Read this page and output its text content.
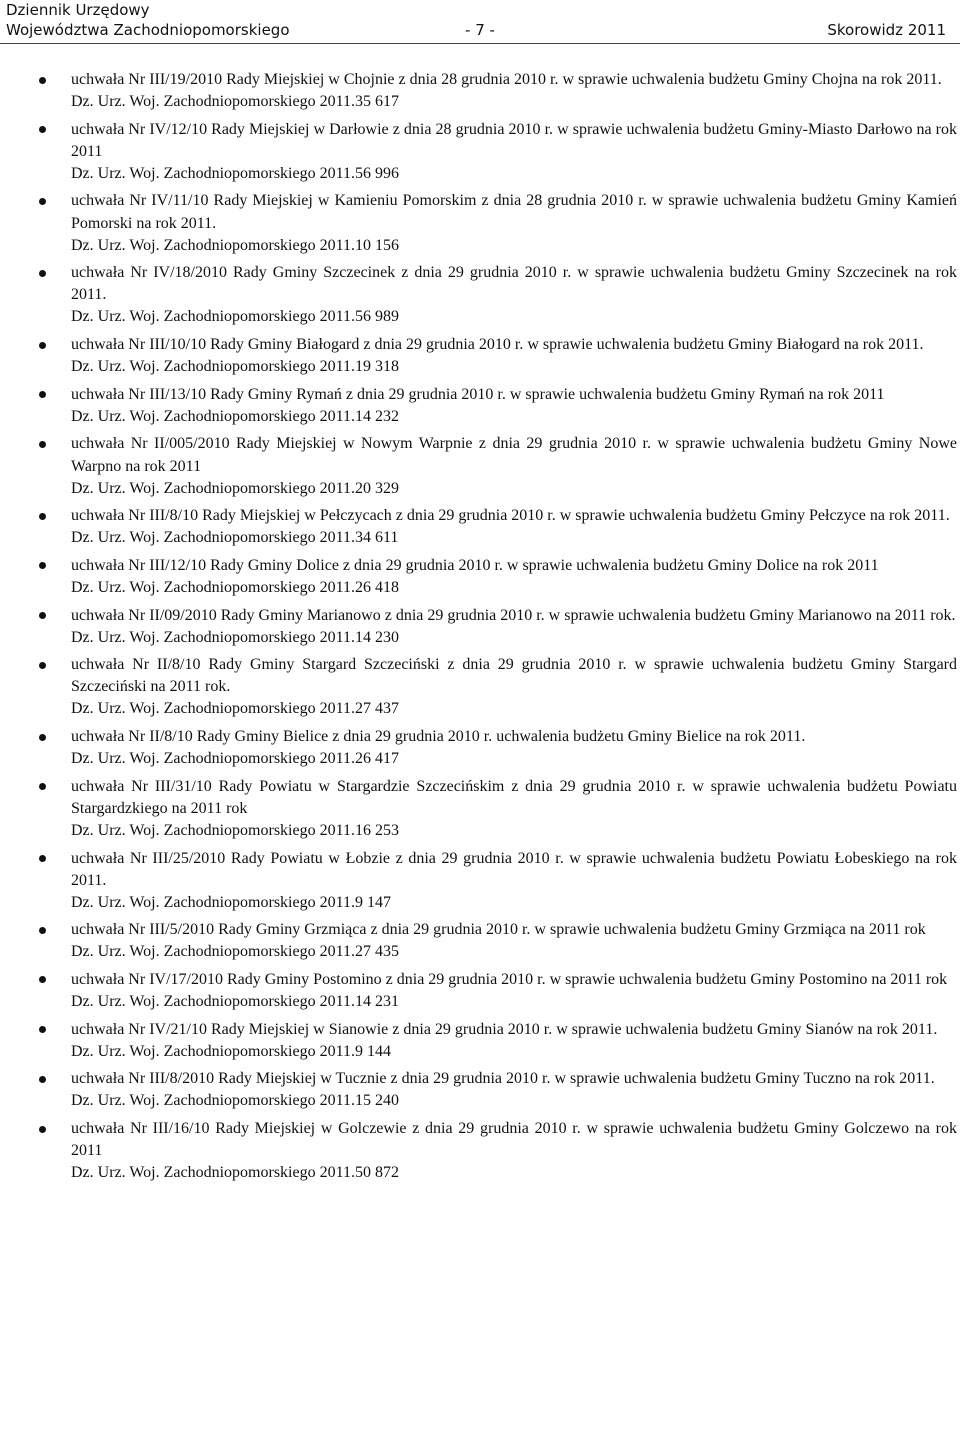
Dziennik Urzędowy
Województwa Zachodniopomorskiego	- 7 -	Skorowidz 2011
uchwała Nr III/19/2010 Rady Miejskiej w Chojnie z dnia 28 grudnia 2010 r. w sprawie uchwalenia budżetu Gminy Chojna na rok 2011.
Dz. Urz. Woj. Zachodniopomorskiego 2011.35 617
uchwała Nr IV/12/10 Rady Miejskiej w Darłowie z dnia 28 grudnia 2010 r. w sprawie uchwalenia budżetu Gminy-Miasto Darłowo na rok 2011
Dz. Urz. Woj. Zachodniopomorskiego 2011.56 996
uchwała Nr IV/11/10 Rady Miejskiej w Kamieniu Pomorskim z dnia 28 grudnia 2010 r. w sprawie uchwalenia budżetu Gminy Kamień Pomorski na rok 2011.
Dz. Urz. Woj. Zachodniopomorskiego 2011.10 156
uchwała Nr IV/18/2010 Rady Gminy Szczecinek z dnia 29 grudnia 2010 r. w sprawie uchwalenia budżetu Gminy Szczecinek na rok 2011.
Dz. Urz. Woj. Zachodniopomorskiego 2011.56 989
uchwała Nr III/10/10 Rady Gminy Białogard z dnia 29 grudnia 2010 r. w sprawie uchwalenia budżetu Gminy Białogard na rok 2011.
Dz. Urz. Woj. Zachodniopomorskiego 2011.19 318
uchwała Nr III/13/10 Rady Gminy Rymań z dnia 29 grudnia 2010 r. w sprawie uchwalenia budżetu Gminy Rymań na rok 2011
Dz. Urz. Woj. Zachodniopomorskiego 2011.14 232
uchwała Nr II/005/2010 Rady Miejskiej w Nowym Warpnie z dnia 29 grudnia 2010 r. w sprawie uchwalenia budżetu Gminy Nowe Warpno na rok 2011
Dz. Urz. Woj. Zachodniopomorskiego 2011.20 329
uchwała Nr III/8/10 Rady Miejskiej w Pełczycach z dnia 29 grudnia 2010 r. w sprawie uchwalenia budżetu Gminy Pełczyce na rok 2011.
Dz. Urz. Woj. Zachodniopomorskiego 2011.34 611
uchwała Nr III/12/10 Rady Gminy Dolice z dnia 29 grudnia 2010 r. w sprawie uchwalenia budżetu Gminy Dolice na rok 2011
Dz. Urz. Woj. Zachodniopomorskiego 2011.26 418
uchwała Nr II/09/2010 Rady Gminy Marianowo z dnia 29 grudnia 2010 r. w sprawie uchwalenia budżetu Gminy Marianowo na 2011 rok.
Dz. Urz. Woj. Zachodniopomorskiego 2011.14 230
uchwała Nr II/8/10 Rady Gminy Stargard Szczeciński z dnia 29 grudnia 2010 r. w sprawie uchwalenia budżetu Gminy Stargard Szczeciński na 2011 rok.
Dz. Urz. Woj. Zachodniopomorskiego 2011.27 437
uchwała Nr II/8/10 Rady Gminy Bielice z dnia 29 grudnia 2010 r. uchwalenia budżetu Gminy Bielice na rok 2011.
Dz. Urz. Woj. Zachodniopomorskiego 2011.26 417
uchwała Nr III/31/10 Rady Powiatu w Stargardzie Szczecińskim z dnia 29 grudnia 2010 r. w sprawie uchwalenia budżetu Powiatu Stargardzkiego na 2011 rok
Dz. Urz. Woj. Zachodniopomorskiego 2011.16 253
uchwała Nr III/25/2010 Rady Powiatu w Łobzie z dnia 29 grudnia 2010 r. w sprawie uchwalenia budżetu Powiatu Łobeskiego na rok 2011.
Dz. Urz. Woj. Zachodniopomorskiego 2011.9 147
uchwała Nr III/5/2010 Rady Gminy Grzmiąca z dnia 29 grudnia 2010 r. w sprawie uchwalenia budżetu Gminy Grzmiąca na 2011 rok
Dz. Urz. Woj. Zachodniopomorskiego 2011.27 435
uchwała Nr IV/17/2010 Rady Gminy Postomino z dnia 29 grudnia 2010 r. w sprawie uchwalenia budżetu Gminy Postomino na 2011 rok
Dz. Urz. Woj. Zachodniopomorskiego 2011.14 231
uchwała Nr IV/21/10 Rady Miejskiej w Sianowie z dnia 29 grudnia 2010 r. w sprawie uchwalenia budżetu Gminy Sianów na rok 2011.
Dz. Urz. Woj. Zachodniopomorskiego 2011.9 144
uchwała Nr III/8/2010 Rady Miejskiej w Tucznie z dnia 29 grudnia 2010 r. w sprawie uchwalenia budżetu Gminy Tuczno na rok 2011.
Dz. Urz. Woj. Zachodniopomorskiego 2011.15 240
uchwała Nr III/16/10 Rady Miejskiej w Golczewie z dnia 29 grudnia 2010 r. w sprawie uchwalenia budżetu Gminy Golczewo na rok 2011
Dz. Urz. Woj. Zachodniopomorskiego 2011.50 872
